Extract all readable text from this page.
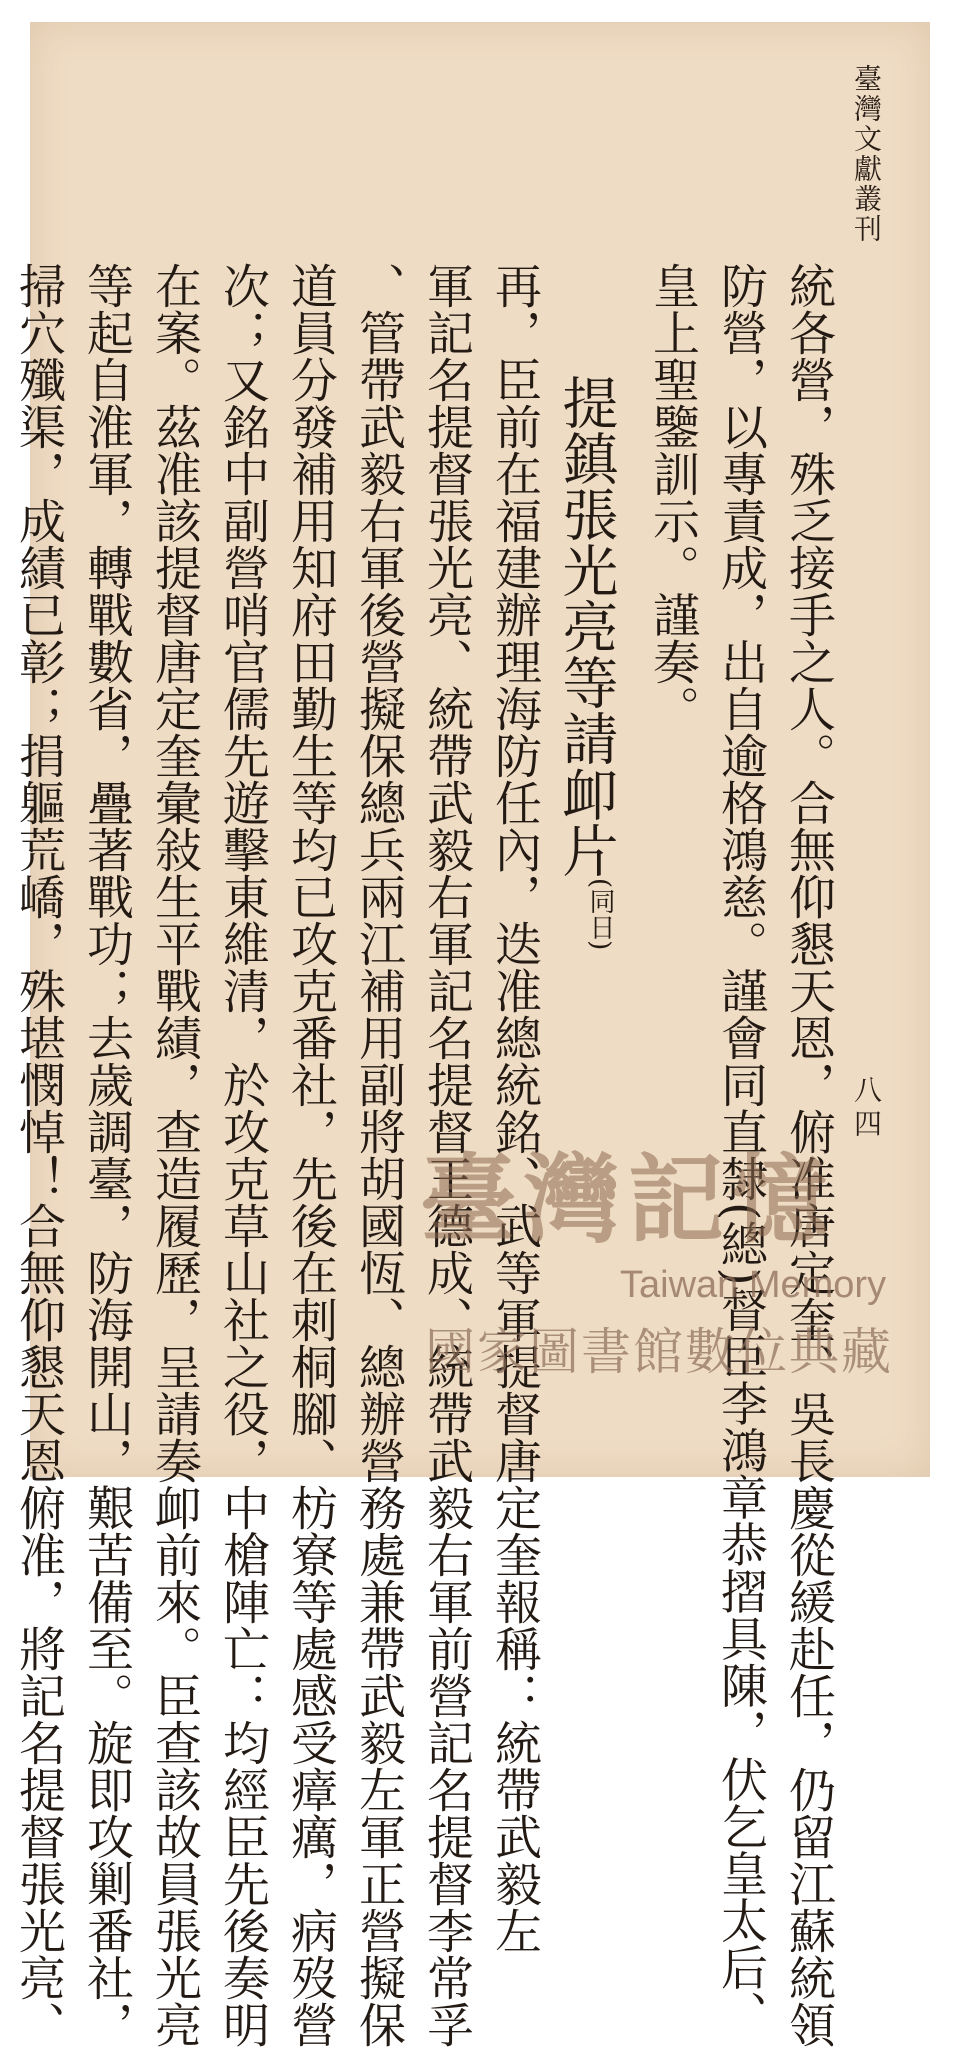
臺灣文獻叢刊
統各營，殊乏接手之人。合無仰懇天恩，俯准唐定奎、吳長慶從緩赴任，仍留江蘇統領
防營，以專責成，出自逾格鴻慈。謹會同直隸(總)督臣李鴻章恭摺具陳，伏乞皇太后、
皇上聖鑒訓示。謹奏。
提鎮張光亮等請卹片(同日)
再，臣前在福建辦理海防任內，迭准總統銘、武等軍提督唐定奎報稱：統帶武毅左
軍記名提督張光亮、統帶武毅右軍記名提督王德成、統帶武毅右軍前營記名提督李常孚
、管帶武毅右軍後營擬保總兵兩江補用副將胡國恆、總辦營務處兼帶武毅左軍正營擬保
道員分發補用知府田勤生等均已攻克番社，先後在刺桐腳、枋寮等處感受瘴癘，病歿營
次；又銘中副營哨官儒先遊擊東維清，於攻克草山社之役，中槍陣亡：均經臣先後奏明
在案。茲准該提督唐定奎彙敍生平戰績，查造履歷，呈請奏卹前來。臣查該故員張光亮
等起自淮軍，轉戰數省，疊著戰功；去歲調臺，防海開山，艱苦備至。旋即攻剿番社，
掃穴殲渠，成績已彰；捐軀荒嶠，殊堪憫悼！合無仰懇天恩俯准，將記名提督張光亮、	八四
臺灣記憶
Taiwan Memory
國家圖書館數位典藏
